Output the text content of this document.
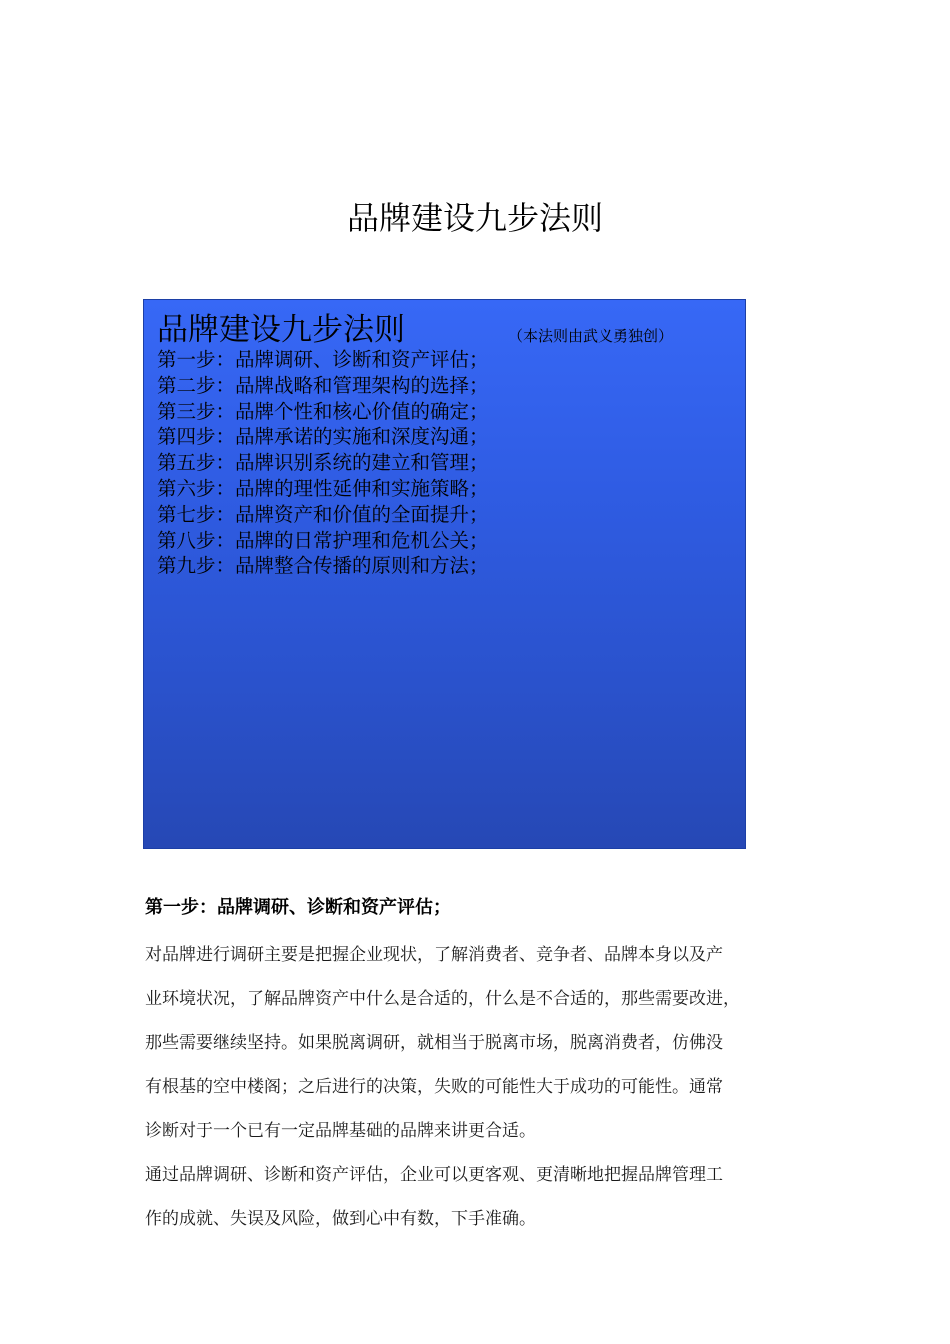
品牌建设九步法则
品牌建设九步法则	（本法则由武义勇独创）
第一步：品牌调研、诊断和资产评估；
第二步：品牌战略和管理架构的选择；
第三步：品牌个性和核心价值的确定；
第四步：品牌承诺的实施和深度沟通；
第五步：品牌识别系统的建立和管理；
第六步：品牌的理性延伸和实施策略；
第七步：品牌资产和价值的全面提升；
第八步：品牌的日常护理和危机公关；
第九步：品牌整合传播的原则和方法；
第一步：品牌调研、诊断和资产评估；

对品牌进行调研主要是把握企业现状，了解消费者、竞争者、品牌本身以及产
业环境状况，了解品牌资产中什么是合适的，什么是不合适的，那些需要改进，
那些需要继续坚持。如果脱离调研，就相当于脱离市场，脱离消费者，仿佛没
有根基的空中楼阁；之后进行的决策，失败的可能性大于成功的可能性。通常
诊断对于一个已有一定品牌基础的品牌来讲更合适。

通过品牌调研、诊断和资产评估，企业可以更客观、更清晰地把握品牌管理工
作的成就、失误及风险，做到心中有数，下手准确。
